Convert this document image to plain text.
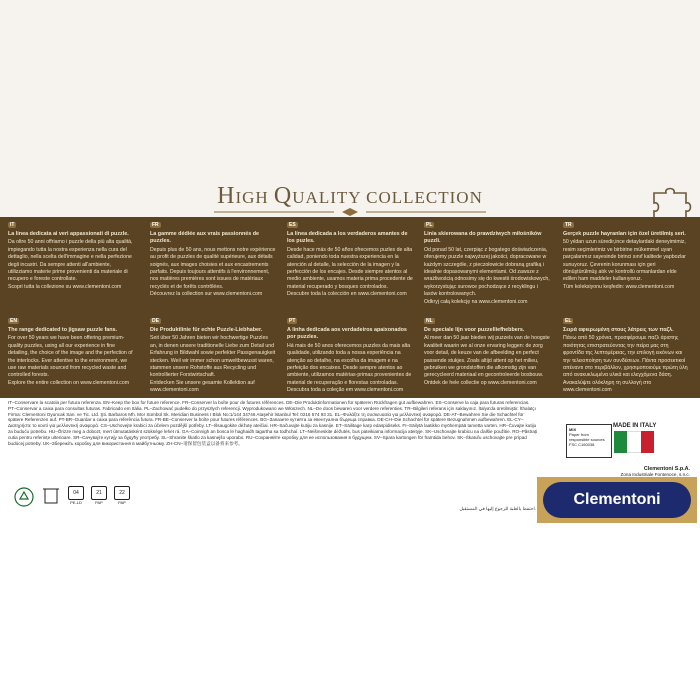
HIGH QUALITY COLLECTION
IT
La linea dedicata ai veri appassionati di puzzle.
Da oltre 50 anni offriamo i puzzle della più alta qualità, impiegando tutta la nostra esperienza nella cura del dettaglio, nella scelta dell'immagine e nella perfezione degli incastri. Da sempre attenti all'ambiente, utilizziamo materie prime provenienti da materiale di recupero e foreste controllate.
Scopri tutta la collezione su www.clementoni.com
FR
La gamme dédiée aux vrais passionnés de puzzles.
Depuis plus de 50 ans, nous mettons notre expérience au profit de puzzles de qualité supérieure, aux détails soignés, aux images choisies et aux encastrements parfaits. Depuis toujours attentifs à l'environnement, nos matières premières sont issues de matériaux recyclés et de forêts contrôlées.
Découvrez la collection sur www.clementoni.com
ES
La línea dedicada a los verdaderos amantes de los puzles.
Desde hace más de 50 años ofrecemos puzles de alta calidad, poniendo toda nuestra experiencia en la atención al detalle, la selección de la imagen y la perfección de los encajes. Desde siempre atentos al medio ambiente, usamos materia prima procedente de material recuperado y bosques controlados.
Descubre toda la colección en www.clementoni.com
PL
Linia skierowana do prawdziwych miłośników puzzli.
Od ponad 50 lat, czerpiąc z bogatego doświadczenia, oferujemy puzzle najwyższej jakości, dopracowane w każdym szczególe, z pieczołowicie dobraną grafiką i idealnie dopasowanymi elementami. Od zawsze z wrażliwością odnosimy się do kwestii środowiskowych, wykorzystując surowce pochodzące z recyklingu i lasów kontrolowanych.
Odkryj całą kolekcję na www.clementoni.com
TR
Gerçek puzzle hayranları için özel üretilmiş seri.
50 yıldan uzun süredir,ince detaylardaki deneyimimiz, resim seçimlerimiz ve birbirine mükemmel uyan parçalarımız sayesinde birinci sınıf kalitede yapbozlar sunuyoruz. Çevrenin korunması için geri dönüştürülmüş atık ve kontrollü ormanlardan elde edilen ham maddeler kullanıyoruz.
Tüm koleksiyonu keşfedin: www.clementoni.com
EN
The range dedicated to jigsaw puzzle fans.
For over 50 years we have been offering premium-quality puzzles, using all our experience in fine detailing, the choice of the image and the perfection of the interlocks. Ever attentive to the environment, we use raw materials sourced from recycled waste and controlled forests.
Explore the entire collection on www.clementoni.com
DE
Die Produktlinie für echte Puzzle-Liebhaber.
Seit über 50 Jahren bieten wir hochwertige Puzzles an, in denen unsere traditionelle Liebe zum Detail und Erfahrung in Bildwahl sowie perfekter Passgenauigkeit stecken. Weil wir immer schon umweltbewusst waren, stammen unsere Rohstoffe aus Recycling und kontrollierter Forstwirtschaft.
Entdecken Sie unsere gesamte Kollektion auf www.clementoni.com
PT
A linha dedicada aos verdadeiros apaixonados por puzzles.
Há mais de 50 anos oferecemos puzzles da mais alta qualidade, utilizando toda a nossa experiência na atenção ao detalhe, na escolha da imagem e na perfeição dos encaixes. Desde sempre atentos ao ambiente, utilizamos matérias-primas provenientes de material de recuperação e florestas controladas.
Descubra toda a coleção em www.clementoni.com
NL
De speciale lijn voor puzzelliefhebbers.
Al meer dan 50 jaar bieden wij puzzels van de hoogste kwaliteit waarin we al onze ervaring leggen: de zorg voor detail, de keuze van de afbeelding en perfect passende stukjes. Zoals altijd attent op het milieu, gebruiken we grondstoffen die afkomstig zijn van gerecycleerd materiaal en gecontroleerde bosbouw.
Ontdek de hele collectie op www.clementoni.com
EL
Σειρά αφιερωμένη στους λάτρεις των παζλ.
Πάνω από 50 χρόνια, προσφέρουμε παζλ άριστης ποιότητας επιστρατεύοντας την πείρα μας στη φροντίδα της λεπτομέρειας, την επιλογή εικόνων και την τελειοποίηση των συνδέσεων. Πάντα προσεκτικοί απέναντι στο περιβάλλον, χρησιμοποιούμε πρώτη ύλη από ανακυκλωμένα υλικά και ελεγχόμενα δάση.
Ανακαλύψτε ολόκληρη τη συλλογή στο www.clementoni.com
IT–Conservare la scatola per futura referenza. EN–Keep the box for future reference. FR–Conserver la boîte pour de futures références. DE–Die Produktinformationen für späteren Rückfragen gut aufbewahren. ES–Conserve la caja para futuras referencias. PT–Conservar a caixa para consultas futuras. Fabricado em Itália. PL–Zachować pudełko do przyszłych referencji. Wyprodukowano we Włoszech. NL–De doos bewaren voor verdere referenties. TR–Bilgileri referans için saklayınız. İtalya'da üretilmiştir. İthalatçı Firma: Clementoni Oyuncak San. ve Tic. Ltd. Şti. Barbaros Mh. Mor Sümbül Sk. Meridian Business I Blok No:1/144 34746 Ataşehir İstanbul Tel: 0216 574 93 31. EL–Φυλάξτε τη συσκευασία για μελλοντική αναφορά. DE-AT–Bewahren Sie die Schachtel für spätere Referenzen auf. PT-BR–Guardar a caixa para referência futura. FR-BE–Conserver la boîte pour futures références. BG–Запазете кутията за евентуална бъдеща справка. DE-CH–Die Schachtel für spätere Bezugnahmen aufbewahren. EL-CY–Διατηρήστε το κουτί για μελλοντική αναφορά. CS–Uschovejte krabici za účelem pozdější potřeby. LT–Išsaugokite dėžutę ateičiai. HR–Sačuvajte kutiju za kasnije. ET–Säilitage karp edaspidiseks. FI–Säilytä laatikko myöhempää tarvetta varten. HR–Čuvajte kutiju za buduću potrebu. HU–Őrizze meg a dobozt, mert útmutatásként szüksége lehet rá. GA–Coinnigh an bosca le haghaidh tagartha sa todhchaí. LT–Neišmeskite dėžutės, bus pateikiama informacija ateityje. SK–Uschovajte krabicu na ďalšie použitie. RO–Păstrați cutia pentru referințe ulterioare. SR–Сачувајте кутију за будућу употребу. SL–Shranite škatlo za kasnejšo uporabo. RU–Сохраняйте коробку для ее использования в будущем. SV–Spara kartongen för framtida behov. SK–Škatuľu uschovajte pre prípad budúcej potreby. UK–Збережіть коробку для використання в майбутньому. ZH-CN–请保留包装盒以备将来参考。
MIX
Paper from responsible sources
FSC C160038
MADE IN ITALY
Clementoni S.p.A.
Zona Industriale Fontenoce, s.n.c.

04
PE-LD
21
PAP
22
PAP	Clementoni
احتفظ بالعلبة للرجوع إليها في المستقبل.
